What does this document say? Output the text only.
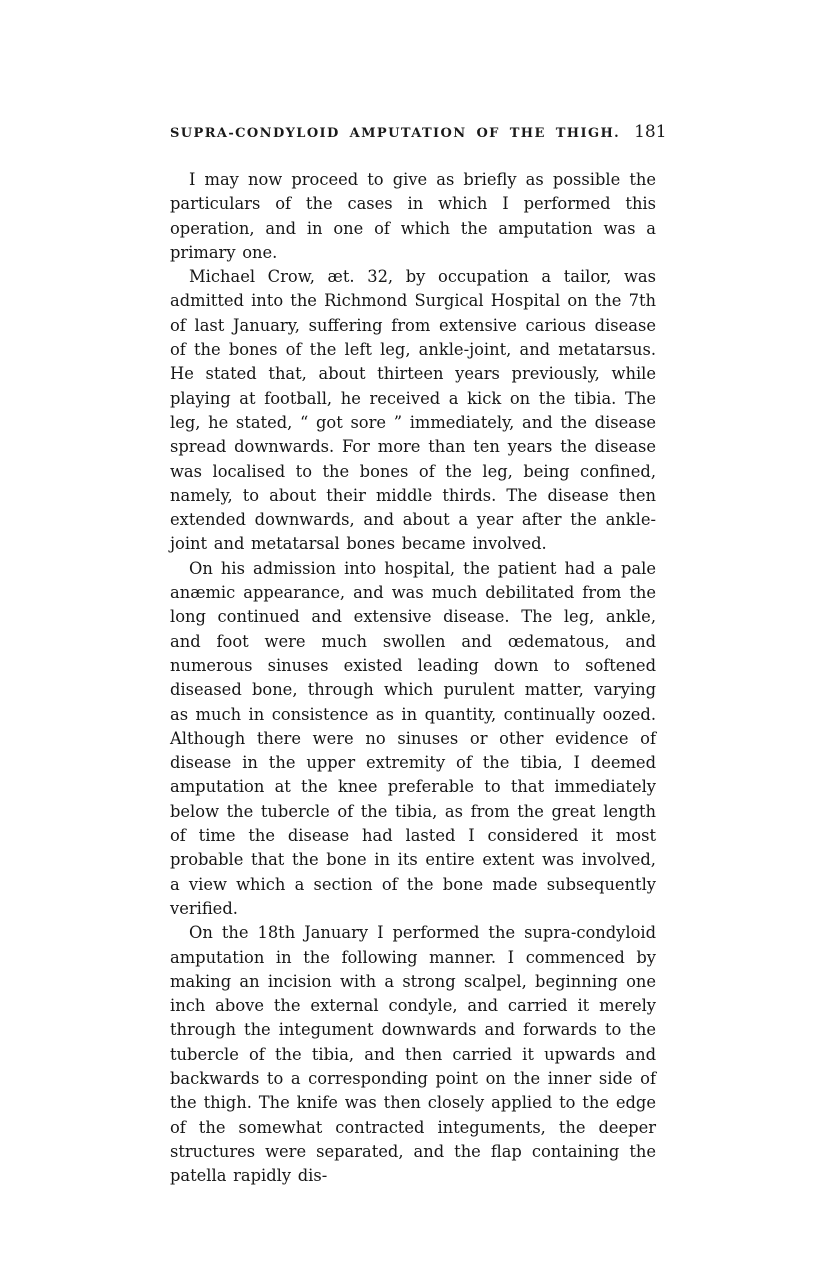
SUPRA-CONDYLOID AMPUTATION OF THE THIGH. 181

I may now proceed to give as briefly as possible the particulars of the cases in which I performed this operation, and in one of which the amputation was a primary one.

Michael Crow, æt. 32, by occupation a tailor, was admitted into the Richmond Surgical Hospital on the 7th of last January, suffering from extensive carious disease of the bones of the left leg, ankle-joint, and metatarsus. He stated that, about thirteen years previously, while playing at football, he received a kick on the tibia. The leg, he stated, “ got sore ” immediately, and the disease spread downwards. For more than ten years the disease was localised to the bones of the leg, being confined, namely, to about their middle thirds. The disease then extended downwards, and about a year after the ankle-joint and metatarsal bones became involved.

On his admission into hospital, the patient had a pale anæmic appearance, and was much debilitated from the long continued and extensive disease. The leg, ankle, and foot were much swollen and œdematous, and numerous sinuses existed leading down to softened diseased bone, through which purulent matter, varying as much in consistence as in quantity, continually oozed. Although there were no sinuses or other evidence of disease in the upper extremity of the tibia, I deemed amputation at the knee preferable to that immediately below the tubercle of the tibia, as from the great length of time the disease had lasted I considered it most probable that the bone in its entire extent was involved, a view which a section of the bone made subsequently verified.

On the 18th January I performed the supra-condyloid amputation in the following manner. I commenced by making an incision with a strong scalpel, beginning one inch above the external condyle, and carried it merely through the integument downwards and forwards to the tubercle of the tibia, and then carried it upwards and backwards to a corresponding point on the inner side of the thigh. The knife was then closely applied to the edge of the somewhat contracted integuments, the deeper structures were separated, and the flap containing the patella rapidly dis-
